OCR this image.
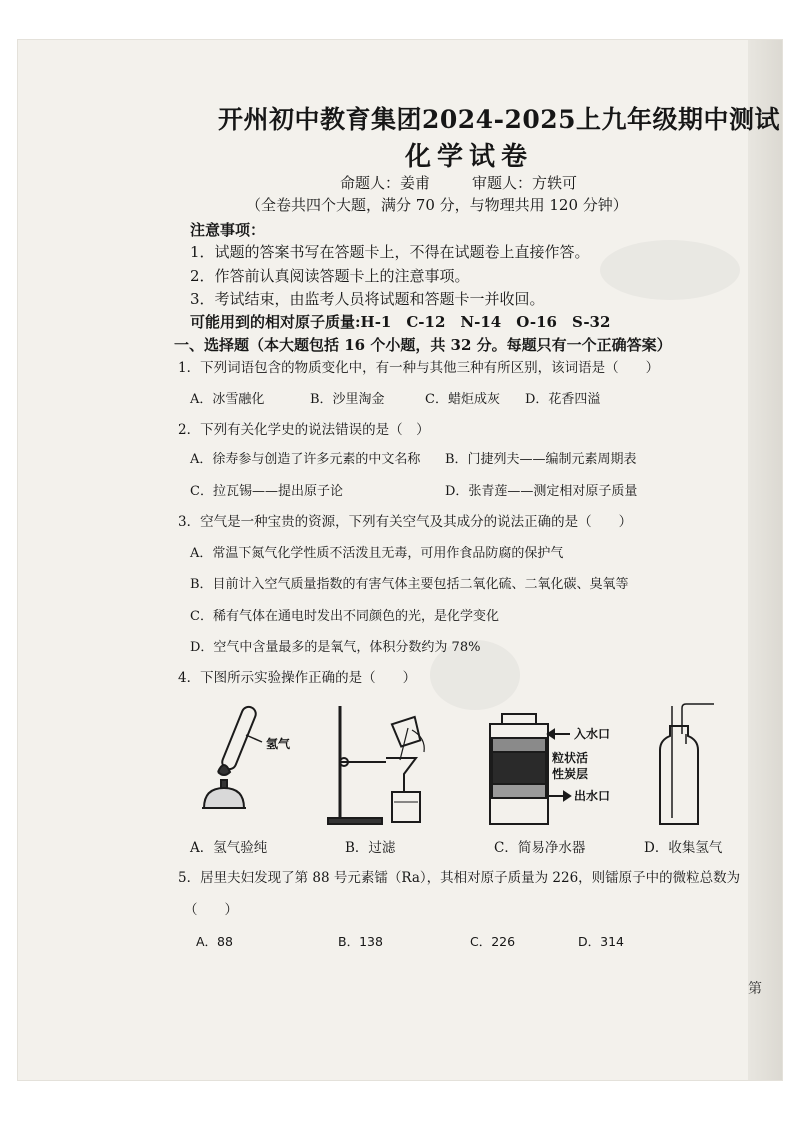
开州初中教育集团2024-2025上九年级期中测试
化学试卷
命题人：姜甫	审题人：方轶可
（全卷共四个大题，满分 70 分，与物理共用 120 分钟）
注意事项：
1．试题的答案书写在答题卡上，不得在试题卷上直接作答。
2．作答前认真阅读答题卡上的注意事项。
3．考试结束，由监考人员将试题和答题卡一并收回。
可能用到的相对原子质量:H-1　C-12　N-14　O-16　S-32
一、选择题（本大题包括 16 个小题，共 32 分。每题只有一个正确答案）
1．下列词语包含的物质变化中，有一种与其他三种有所区别，该词语是（　　）
A．冰雪融化	B．沙里淘金	C．蜡炬成灰 D．花香四溢
2．下列有关化学史的说法错误的是（　）
A．徐寿参与创造了许多元素的中文名称 B．门捷列夫——编制元素周期表
C．拉瓦锡——提出原子论	D．张青莲——测定相对原子质量
3．空气是一种宝贵的资源，下列有关空气及其成分的说法正确的是（　　）
A．常温下氮气化学性质不活泼且无毒，可用作食品防腐的保护气
B．目前计入空气质量指数的有害气体主要包括二氧化硫、二氧化碳、臭氧等
C．稀有气体在通电时发出不同颜色的光，是化学变化
D．空气中含量最多的是氧气，体积分数约为 78%
4．下图所示实验操作正确的是（　　）
氢气
入水口
粒状活
性炭层
出水口
A．氢气验纯	B．过滤	C．简易净水器	D．收集氢气
5．居里夫妇发现了第 88 号元素镭（Ra），其相对原子质量为 226，则镭原子中的微粒总数为
（　　）
A．88	B．138	C．226	D．314
第
